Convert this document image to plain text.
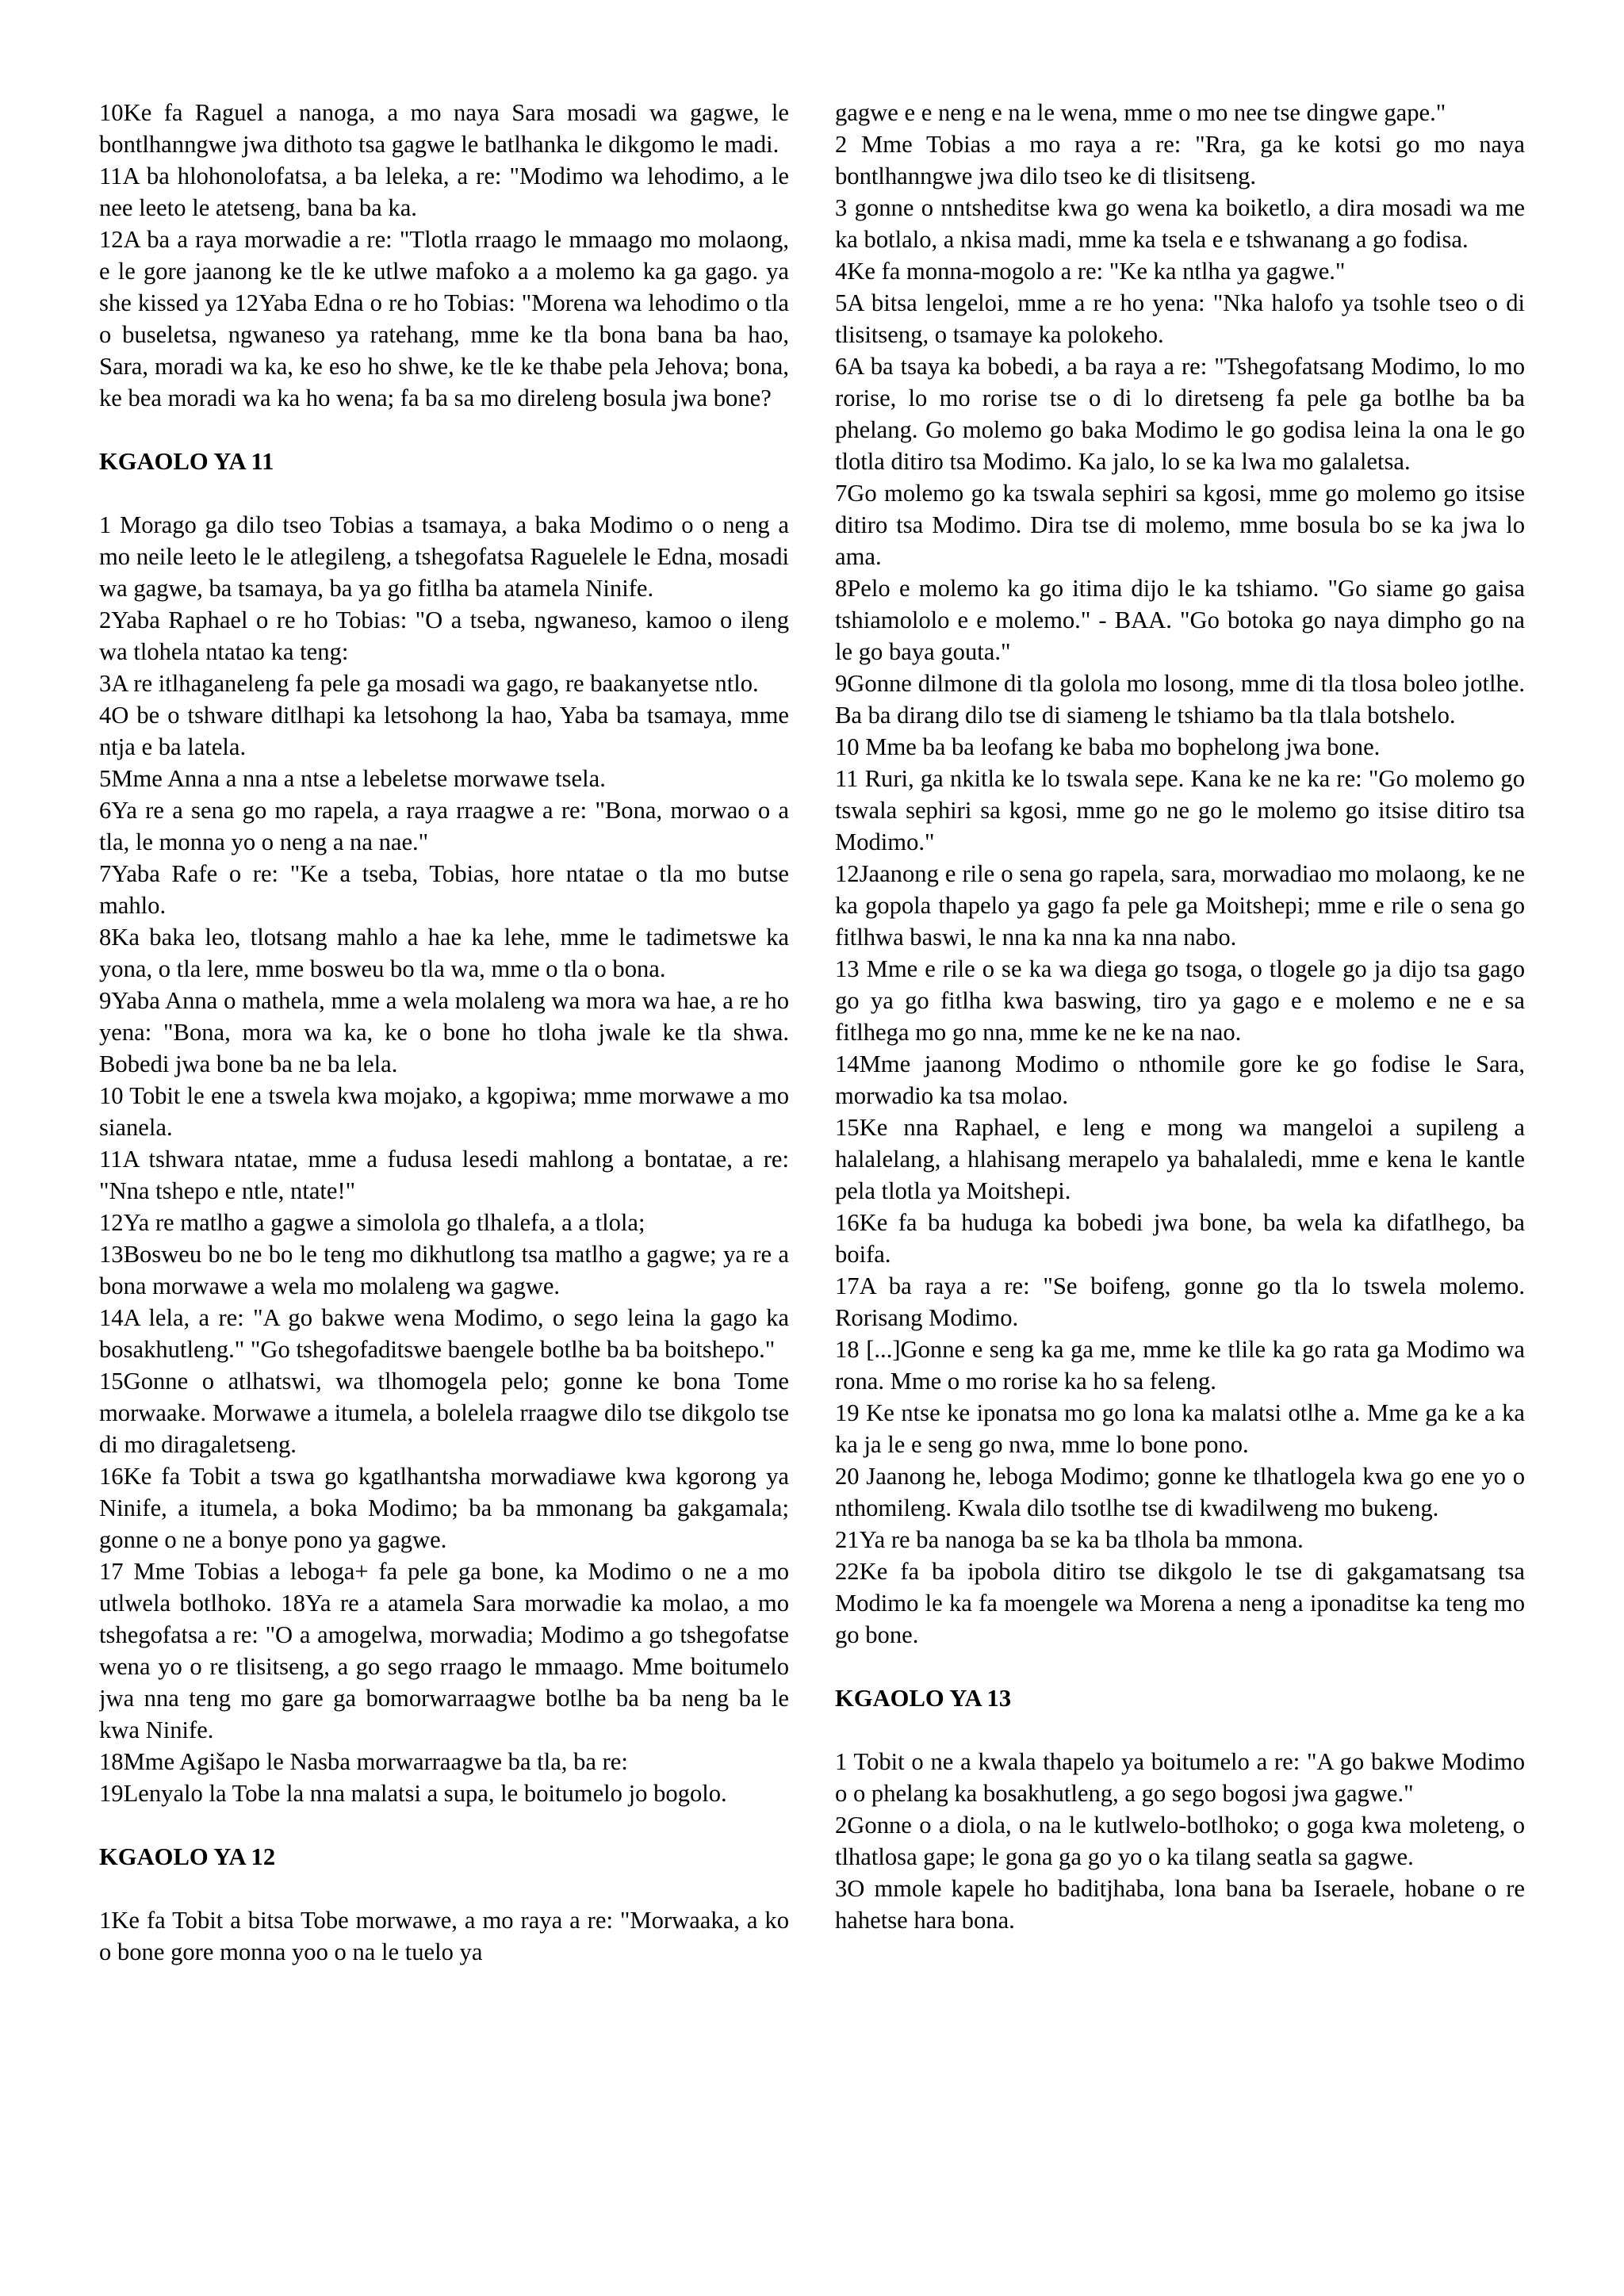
10Ke fa Raguel a nanoga, a mo naya Sara mosadi wa gagwe, le bontlhanngwe jwa dithoto tsa gagwe le batlhanka le dikgomo le madi.

11A ba hlohonolofatsa, a ba leleka, a re: "Modimo wa lehodimo, a le nee leeto le atetseng, bana ba ka.

12A ba a raya morwadie a re: "Tlotla rraago le mmaago mo molaong, e le gore jaanong ke tle ke utlwe mafoko a a molemo ka ga gago. ya she kissed ya 12Yaba Edna o re ho Tobias: "Morena wa lehodimo o tla o buseletsa, ngwaneso ya ratehang, mme ke tla bona bana ba hao, Sara, moradi wa ka, ke eso ho shwe, ke tle ke thabe pela Jehova; bona, ke bea moradi wa ka ho wena; fa ba sa mo direleng bosula jwa bone?

KGAOLO YA 11

1 Morago ga dilo tseo Tobias a tsamaya, a baka Modimo o o neng a mo neile leeto le le atlegileng, a tshegofatsa Raguelele le Edna, mosadi wa gagwe, ba tsamaya, ba ya go fitlha ba atamela Ninife.

2Yaba Raphael o re ho Tobias: "O a tseba, ngwaneso, kamoo o ileng wa tlohela ntatao ka teng:

3A re itlhaganeleng fa pele ga mosadi wa gago, re baakanyetse ntlo.

4O be o tshware ditlhapi ka letsohong la hao, Yaba ba tsamaya, mme ntja e ba latela.

5Mme Anna a nna a ntse a lebeletse morwawe tsela.

6Ya re a sena go mo rapela, a raya rraagwe a re: "Bona, morwao o a tla, le monna yo o neng a na nae."

7Yaba Rafe o re: "Ke a tseba, Tobias, hore ntatae o tla mo butse mahlo.

8Ka baka leo, tlotsang mahlo a hae ka lehe, mme le tadimetswe ka yona, o tla lere, mme bosweu bo tla wa, mme o tla o bona.

9Yaba Anna o mathela, mme a wela molaleng wa mora wa hae, a re ho yena: "Bona, mora wa ka, ke o bone ho tloha jwale ke tla shwa. Bobedi jwa bone ba ne ba lela.

10 Tobit le ene a tswela kwa mojako, a kgopiwa; mme morwawe a mo sianela.

11A tshwara ntatae, mme a fudusa lesedi mahlong a bontatae, a re: "Nna tshepo e ntle, ntate!"

12Ya re matlho a gagwe a simolola go tlhalefa, a a tlola;

13Bosweu bo ne bo le teng mo dikhutlong tsa matlho a gagwe; ya re a bona morwawe a wela mo molaleng wa gagwe.

14A lela, a re: "A go bakwe wena Modimo, o sego leina la gago ka bosakhutleng." "Go tshegofaditswe baengele botlhe ba ba boitshepo."

15Gonne o atlhatswi, wa tlhomogela pelo; gonne ke bona Tome morwaake. Morwawe a itumela, a bolelela rraagwe dilo tse dikgolo tse di mo diragaletseng.

16Ke fa Tobit a tswa go kgatlhantsha morwadiawe kwa kgorong ya Ninife, a itumela, a boka Modimo; ba ba mmonang ba gakgamala; gonne o ne a bonye pono ya gagwe.

17 Mme Tobias a leboga+ fa pele ga bone, ka Modimo o ne a mo utlwela botlhoko. 18Ya re a atamela Sara morwadie ka molao, a mo tshegofatsa a re: "O a amogelwa, morwadia; Modimo a go tshegofatse wena yo o re tlisitseng, a go sego rraago le mmaago. Mme boitumelo jwa nna teng mo gare ga bomorwarraagwe botlhe ba ba neng ba le kwa Ninife.

18Mme Agišapo le Nasba morwarraagwe ba tla, ba re:

19Lenyalo la Tobe la nna malatsi a supa, le boitumelo jo bogolo.

KGAOLO YA 12

1Ke fa Tobit a bitsa Tobe morwawe, a mo raya a re: "Morwaaka, a ko o bone gore monna yoo o na le tuelo ya

gagwe e e neng e na le wena, mme o mo nee tse dingwe gape."

2 Mme Tobias a mo raya a re: "Rra, ga ke kotsi go mo naya bontlhanngwe jwa dilo tseo ke di tlisitseng.

3 gonne o nntsheditse kwa go wena ka boiketlo, a dira mosadi wa me ka botlalo, a nkisa madi, mme ka tsela e e tshwanang a go fodisa.

4Ke fa monna-mogolo a re: "Ke ka ntlha ya gagwe."

5A bitsa lengeloi, mme a re ho yena: "Nka halofo ya tsohle tseo o di tlisitseng, o tsamaye ka polokeho.

6A ba tsaya ka bobedi, a ba raya a re: "Tshegofatsang Modimo, lo mo rorise, lo mo rorise tse o di lo diretseng fa pele ga botlhe ba ba phelang. Go molemo go baka Modimo le go godisa leina la ona le go tlotla ditiro tsa Modimo. Ka jalo, lo se ka lwa mo galaletsa.

7Go molemo go ka tswala sephiri sa kgosi, mme go molemo go itsise ditiro tsa Modimo. Dira tse di molemo, mme bosula bo se ka jwa lo ama.

8Pelo e molemo ka go itima dijo le ka tshiamo. "Go siame go gaisa tshiamololo e e molemo." - BAA. "Go botoka go naya dimpho go na le go baya gouta."

9Gonne dilmone di tla golola mo losong, mme di tla tlosa boleo jotlhe. Ba ba dirang dilo tse di siameng le tshiamo ba tla tlala botshelo.

10 Mme ba ba leofang ke baba mo bophelong jwa bone.

11 Ruri, ga nkitla ke lo tswala sepe. Kana ke ne ka re: "Go molemo go tswala sephiri sa kgosi, mme go ne go le molemo go itsise ditiro tsa Modimo."

12Jaanong e rile o sena go rapela, sara, morwadiao mo molaong, ke ne ka gopola thapelo ya gago fa pele ga Moitshepi; mme e rile o sena go fitlhwa baswi, le nna ka nna ka nna nabo.

13 Mme e rile o se ka wa diega go tsoga, o tlogele go ja dijo tsa gago go ya go fitlha kwa baswing, tiro ya gago e e molemo e ne e sa fitlhega mo go nna, mme ke ne ke na nao.

14Mme jaanong Modimo o nthomile gore ke go fodise le Sara, morwadio ka tsa molao.

15Ke nna Raphael, e leng e mong wa mangeloi a supileng a halalelang, a hlahisang merapelo ya bahalaledi, mme e kena le kantle pela tlotla ya Moitshepi.

16Ke fa ba huduga ka bobedi jwa bone, ba wela ka difatlhego, ba boifa.

17A ba raya a re: "Se boifeng, gonne go tla lo tswela molemo. Rorisang Modimo.

18 [...]Gonne e seng ka ga me, mme ke tlile ka go rata ga Modimo wa rona. Mme o mo rorise ka ho sa feleng.

19 Ke ntse ke iponatsa mo go lona ka malatsi otlhe a. Mme ga ke a ka ka ja le e seng go nwa, mme lo bone pono.

20 Jaanong he, leboga Modimo; gonne ke tlhatlogela kwa go ene yo o nthomileng. Kwala dilo tsotlhe tse di kwadilweng mo bukeng.

21Ya re ba nanoga ba se ka ba tlhola ba mmona.

22Ke fa ba ipobola ditiro tse dikgolo le tse di gakgamatsang tsa Modimo le ka fa moengele wa Morena a neng a iponaditse ka teng mo go bone.

KGAOLO YA 13

1 Tobit o ne a kwala thapelo ya boitumelo a re: "A go bakwe Modimo o o phelang ka bosakhutleng, a go sego bogosi jwa gagwe."

2Gonne o a diola, o na le kutlwelo-botlhoko; o goga kwa moleteng, o tlhatlosa gape; le gona ga go yo o ka tilang seatla sa gagwe.

3O mmole kapele ho baditjhaba, lona bana ba Iseraele, hobane o re hahetse hara bona.
